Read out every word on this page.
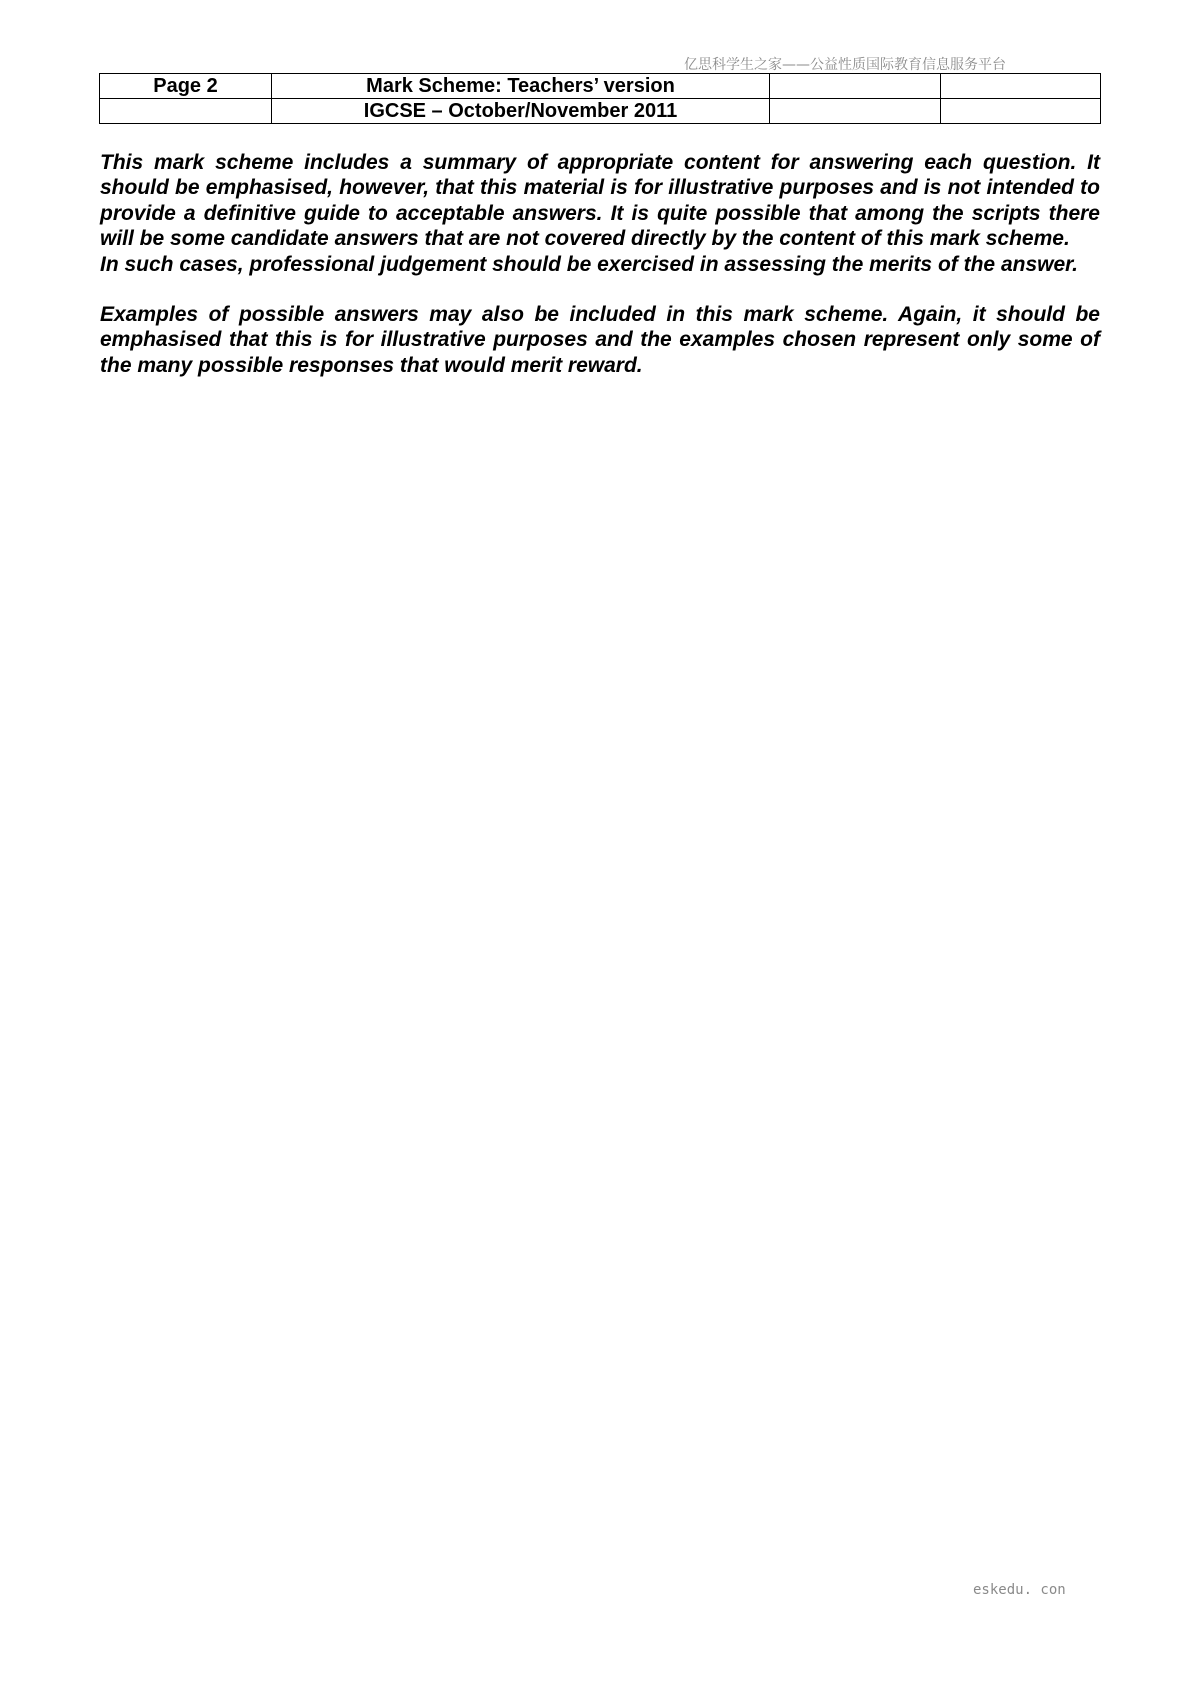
亿思科学生之家——公益性质国际教育信息服务平台
Page 2	Mark Scheme: Teachers’ version		
	IGCSE – October/November 2011		

This mark scheme includes a summary of appropriate content for answering each question. It should be emphasised, however, that this material is for illustrative purposes and is not intended to provide a definitive guide to acceptable answers. It is quite possible that among the scripts there will be some candidate answers that are not covered directly by the content of this mark scheme.

In such cases, professional judgement should be exercised in assessing the merits of the answer.

Examples of possible answers may also be included in this mark scheme. Again, it should be emphasised that this is for illustrative purposes and the examples chosen represent only some of the many possible responses that would merit reward.

eskedu. con
